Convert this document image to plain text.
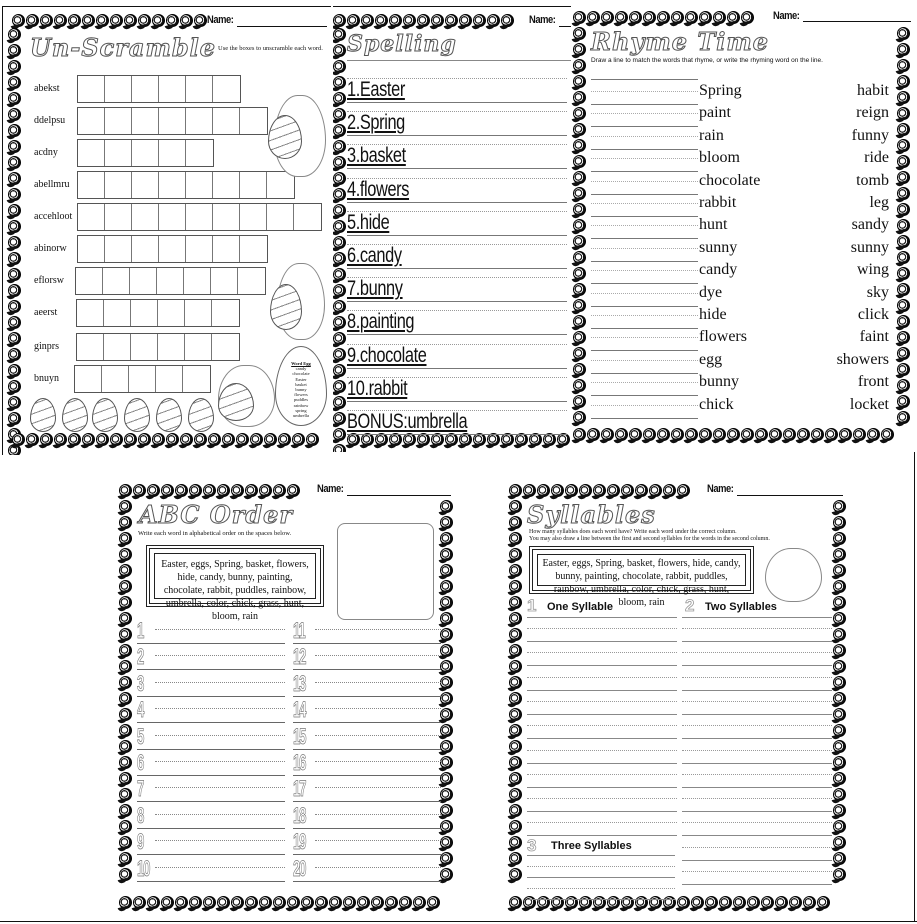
Name:
Un-Scramble Use the boxes to unscramble each word.
abekst
ddelpsu
acdny
abellmru
accehloot
abinorw
eflorsw
aeerst
ginprs
bnuyn
Word Egg
candy
chocolate
Easter
basket
bunny
flowers
puddles
rainbow
spring
umbrella
Name:
Spelling
1.Easter
2.Spring
3.basket
4.flowers
5.hide
6.candy
7.bunny
8.painting
9.chocolate
10.rabbit
BONUS:umbrella
Name:
Rhyme Time
Draw a line to match the words that rhyme, or write the rhyming word on the line.
Spring	habit
paint	reign
rain	funny
bloom	ride
chocolate	tomb
rabbit	leg
hunt	sandy
sunny	sunny
candy	wing
dye	sky
hide	click
flowers	faint
egg	showers
bunny	front
chick	locket
Name:
ABC Order
Write each word in alphabetical order on the spaces below.
Easter, eggs, Spring, basket, flowers, hide, candy, bunny, painting, chocolate, rabbit, puddles, rainbow, umbrella, color, chick, grass, hunt, bloom, rain
1	11
2	12
3	13
4	14
5	15
6	16
7	17
8	18
9	19
10	20
Name:
Syllables
How many syllables does each word have? Write each word under the correct column.
You may also draw a line between the first and second syllables for the words in the second column.
Easter, eggs, Spring, basket, flowers, hide, candy, bunny, painting, chocolate, rabbit, puddles, rainbow, umbrella, color, chick, grass, hunt, bloom, rain
1 One Syllable	2 Two Syllables
3 Three Syllables
